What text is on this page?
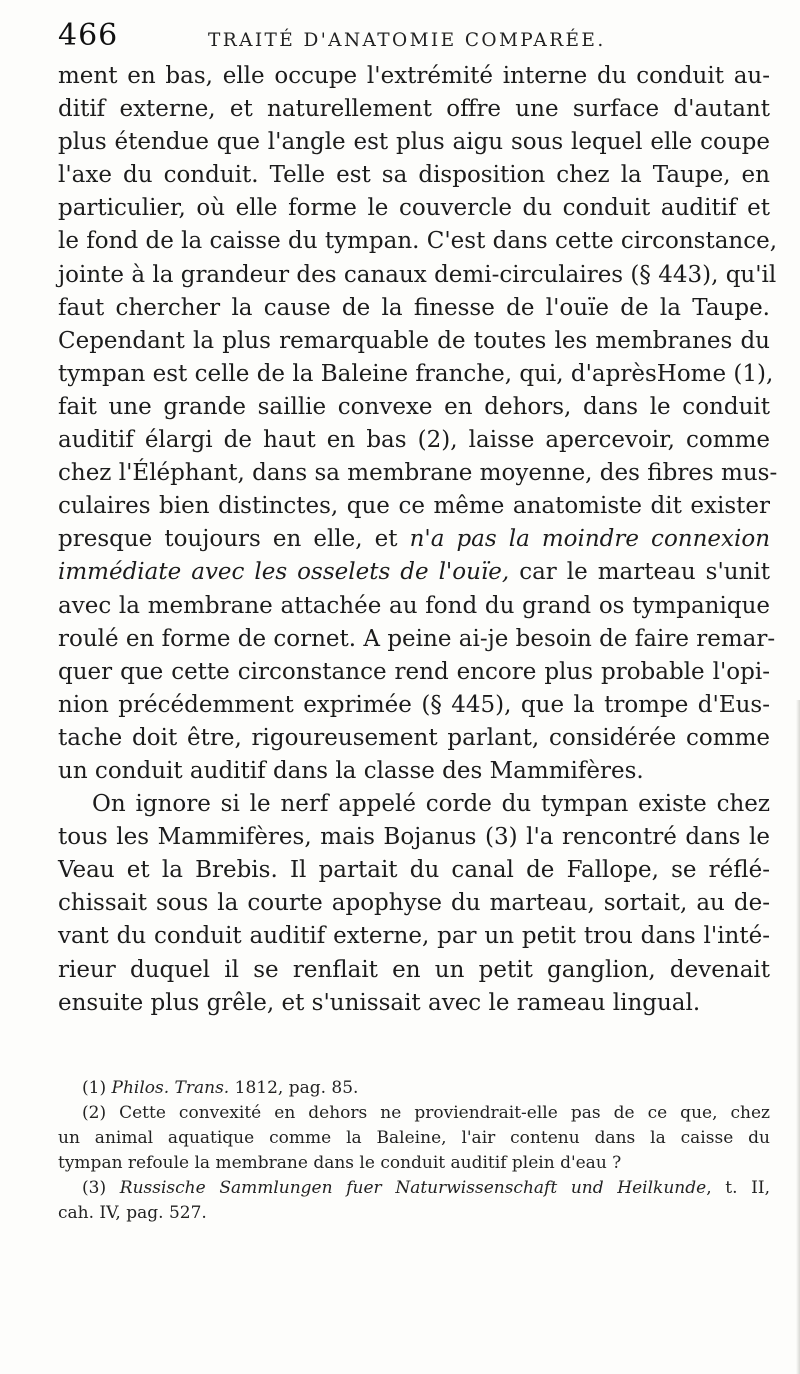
466	TRAITÉ D'ANATOMIE COMPARÉE.
ment en bas, elle occupe l'extrémité interne du conduit au-
ditif externe, et naturellement offre une surface d'autant
plus étendue que l'angle est plus aigu sous lequel elle coupe
l'axe du conduit. Telle est sa disposition chez la Taupe, en
particulier, où elle forme le couvercle du conduit auditif et
le fond de la caisse du tympan. C'est dans cette circonstance,
jointe à la grandeur des canaux demi-circulaires (§ 443), qu'il
faut chercher la cause de la finesse de l'ouïe de la Taupe.
Cependant la plus remarquable de toutes les membranes du
tympan est celle de la Baleine franche, qui, d'aprèsHome (1),
fait une grande saillie convexe en dehors, dans le conduit
auditif élargi de haut en bas (2), laisse apercevoir, comme
chez l'Éléphant, dans sa membrane moyenne, des fibres mus-
culaires bien distinctes, que ce même anatomiste dit exister
presque toujours en elle, et n'a pas la moindre connexion
immédiate avec les osselets de l'ouïe, car le marteau s'unit
avec la membrane attachée au fond du grand os tympanique
roulé en forme de cornet. A peine ai-je besoin de faire remar-
quer que cette circonstance rend encore plus probable l'opi-
nion précédemment exprimée (§ 445), que la trompe d'Eus-
tache doit être, rigoureusement parlant, considérée comme
un conduit auditif dans la classe des Mammifères.
On ignore si le nerf appelé corde du tympan existe chez
tous les Mammifères, mais Bojanus (3) l'a rencontré dans le
Veau et la Brebis. Il partait du canal de Fallope, se réflé-
chissait sous la courte apophyse du marteau, sortait, au de-
vant du conduit auditif externe, par un petit trou dans l'inté-
rieur duquel il se renflait en un petit ganglion, devenait
ensuite plus grêle, et s'unissait avec le rameau lingual.
(1) Philos. Trans. 1812, pag. 85.
(2) Cette convexité en dehors ne proviendrait-elle pas de ce que, chez
un animal aquatique comme la Baleine, l'air contenu dans la caisse du
tympan refoule la membrane dans le conduit auditif plein d'eau ?
(3) Russische Sammlungen fuer Naturwissenschaft und Heilkunde, t. II,
cah. IV, pag. 527.
